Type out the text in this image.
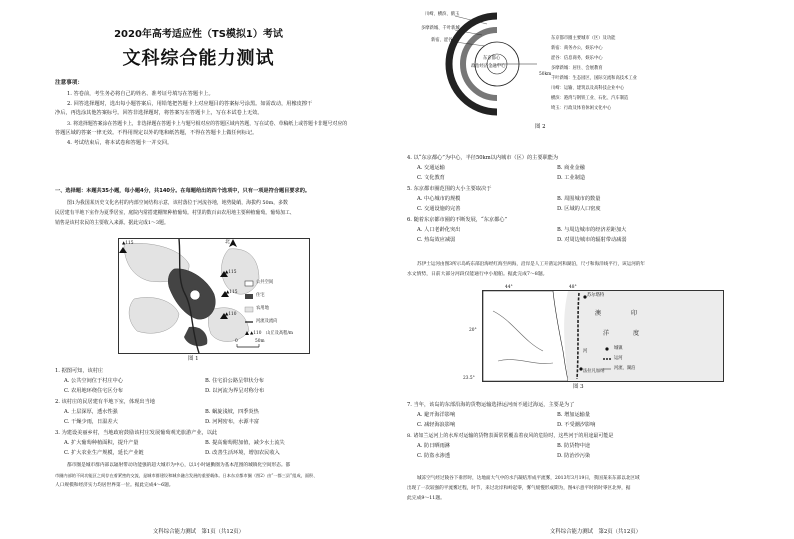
2020年高考适应性（TS模拟1）考试
文科综合能力测试
注意事项：
1. 答卷前，考生务必将自己的姓名、准考证号填写在答题卡上。
2. 回答选择题时，选出每小题答案后，用铅笔把答题卡上对应题目的答案标号涂黑。如需改动，用橡皮擦干
净后，再选涂其他答案标号。回答非选择题时，将答案写在答题卡上，写在本试卷上无效。
3. 将选择题答案涂在答题卡上，非选择题在答题卡上与题号相对应的答题区域内答题，写在试卷、草稿纸上或答题卡非题号对应的
答题区域的答案一律无效。不得用规定以外的笔和纸答题，不得在答题卡上做任何标记。
4. 考试结束后，将本试卷和答题卡一并交回。
一、选择题：本题共35小题，每小题4分，共140分。在每题给出的四个选项中，只有一项是符合题目要求的。
图1为我国某历史文化名村的内部空间结构示意，该村落位于河流谷地，地势陡峭，海拔约 50m，多数
民居建有半地下室作为夏季居室，庭院内常搭建棚架种植葡萄。村里的数百亩农用地主要种植葡萄。葡萄加工、
销售是该村农民的主要收入来源。据此完成1～3题。
▲115
▲115
▲115
▲110
北
公共空间
住宅
农用地
河流及流向
▲110 山丘及高程/m
0	50m
图 1
1. 据图可知，该村庄
A. 公共空间位于村庄中心	B. 住宅沿公路呈带状分布
C. 农用地环绕住宅区分布	D. 以河流为界呈对称分布
2. 该村庄的民居建有半地下室，体现出当地
A. 土层深厚，透水性强	B. 蜗旋浅坡，四季炎热
C. 干燥少雨，日温差大	D. 河网密布，水源丰富
3. 为建设美丽乡村，当地政府鼓励该村庄发展葡萄观光旅游产业，以此
A. 扩大葡萄种植面积，提升产量	B. 提高葡萄附加值，减少水土流失
C. 扩大农业生产规模，延长产业链	D. 改善生活环境，增加农民收入
都市圈是城市群内部以辐射带动功能强的超大城市为中心，以1小时通勤圈为基本范围的城镇化空间形态。都
市圈内部的不同功能区之间存在着紧密的交流，是城市群建设和城乡融合发展的重要载体。日本东京都市圈（图2）由“一都三县”组成，面积、
人口规模和经济实力均居世界第一位。据此完成4～6题。
文科综合能力测试　第1页（共12页）
川崎、横滨、鹤玉
多摩新城、千叶新城
新宿、涩谷
东京都心
政治经济金融中心
50km
东京都市圈主要城市（区）及功能
新宿：商务办公，娱乐中心
涩谷：信息商务，娱乐中心
多摩新城：居住、会展教育
千叶新城：生态园区，国际交流和高技术工业
川崎：运输、建筑以及高科技企业中心
横滨：港湾与钢铁工业、石化、汽车制造
埼玉：行政及体育休闲文化中心
图 2
4. 以“东京都心”为中心，半径50km以内城市（区）的主要职能为
A. 交通运输	B. 商业金融
C. 文化教育	D. 工业制造
5. 东京都市圈范围的大小主要取决于
A. 中心城市的规模	B. 周围城市的数量
C. 交通设施的完善	D. 区域的人口密度
6. 随着东京都市圈的不断发展，“东京都心”
A. 人口老龄化突出	B. 与周边城市的经济差距加大
C. 热岛效应减弱	D. 对周边城市的辐射带动减弱
苏伊士运河由图3所示岛屿东部沿海经红海至两海，沿岸是人工开凿运河和湖泊，尺寸和海洋线平行，该运河的年
水文情势，日前大部分河段仅能通行中小船舶。据此完成7～8题。
苏尔塔特
澳	印
度
洋
河
法拉凡加纳
城镇
运河
河流、湖泊
44°	48°
20°
23.5°
图 3
7. 当年，该岛的东部沿海的货物运输选择运河而不通过海运，主要是为了
A. 避开海洋影响	B. 增加运输量
C. 减轻海浪影响	D. 不受潮汐影响
8. 诸如兰运河上的水库对运输的货物表面常常覆盖着夜风的危险时，这些河于的用途最可能是
A. 防日晒雨淋	B. 防货物中途
C. 防盗水渗透	D. 防治沙污染
城冻空气经过陵谷下垂形时，达地面大气中的水汽凝结形成平流雾，2013年3月19日，我国某来东部以北区域
出现了一次较强的平流雾过程，时节，来过北岸和岭起零，雾气缓慢形成期为，图4示意平时的时零区北界，据
此完成9～11题。
文科综合能力测试　第2页（共12页）
